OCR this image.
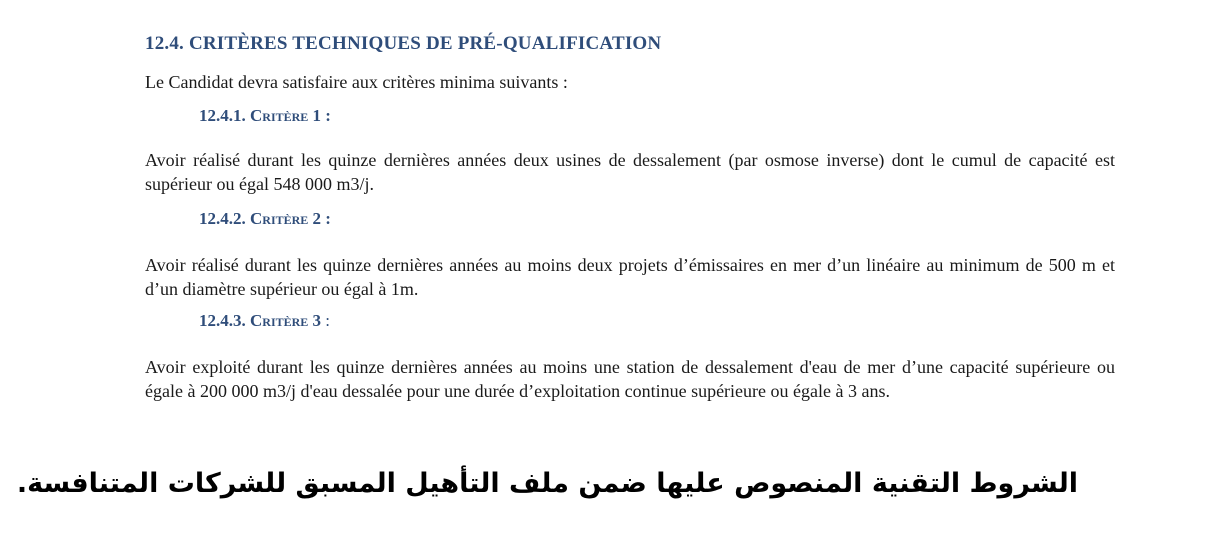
12.4. CRITÈRES TECHNIQUES DE PRÉ-QUALIFICATION
Le Candidat devra satisfaire aux critères minima suivants :
12.4.1. Critère 1 :
Avoir réalisé durant les quinze dernières années deux usines de dessalement (par osmose inverse) dont le cumul de capacité est supérieur ou égal 548 000 m3/j.
12.4.2. Critère 2 :
Avoir réalisé durant les quinze dernières années au moins deux projets d’émissaires en mer d’un linéaire au minimum de 500 m et d’un diamètre supérieur ou égal à 1m.
12.4.3. Critère 3 :
Avoir exploité durant les quinze dernières années au moins une station de dessalement d'eau de mer d’une capacité supérieure ou égale à 200 000 m3/j d'eau dessalée pour une durée d’exploitation continue supérieure ou égale à 3 ans.
الشروط التقنية المنصوص عليها ضمن ملف التأهيل المسبق للشركات المتنافسة.
